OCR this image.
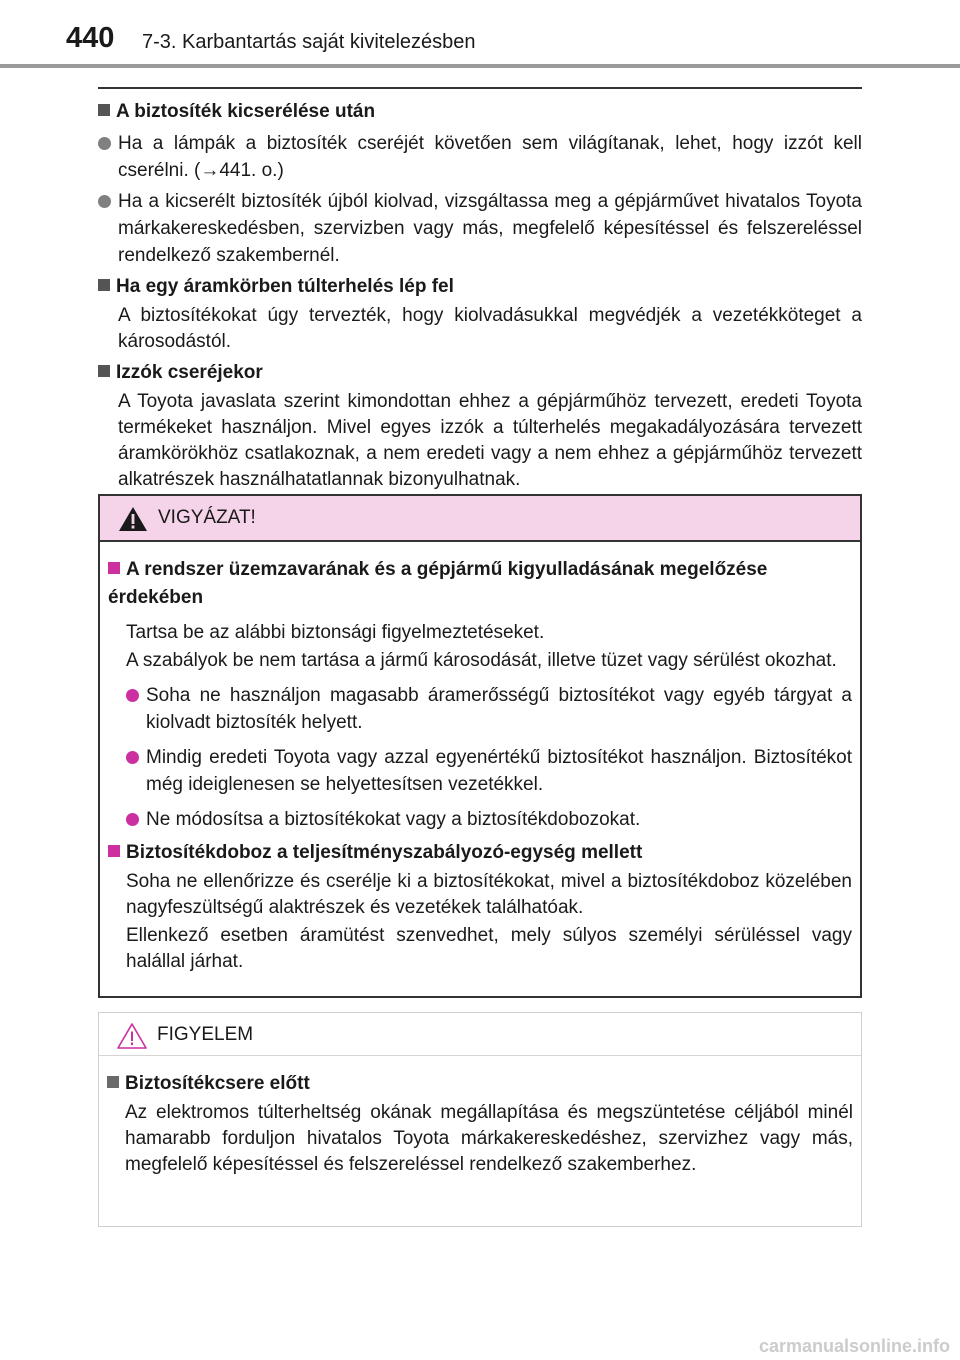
440 7-3. Karbantartás saját kivitelezésben
A biztosíték kicserélése után
Ha a lámpák a biztosíték cseréjét követően sem világítanak, lehet, hogy izzót kell cserélni. (→441. o.)
Ha a kicserélt biztosíték újból kiolvad, vizsgáltassa meg a gépjárművet hivatalos Toyota márkakereskedésben, szervizben vagy más, megfelelő képesítéssel és felszereléssel rendelkező szakembernél.
Ha egy áramkörben túlterhelés lép fel
A biztosítékokat úgy tervezték, hogy kiolvadásukkal megvédjék a vezetékköteget a károsodástól.
Izzók cseréjekor
A Toyota javaslata szerint kimondottan ehhez a gépjárműhöz tervezett, eredeti Toyota termékeket használjon. Mivel egyes izzók a túlterhelés megakadályozására tervezett áramkörökhöz csatlakoznak, a nem eredeti vagy a nem ehhez a gépjárműhöz tervezett alkatrészek használhatatlannak bizonyulhatnak.
VIGYÁZAT!
A rendszer üzemzavarának és a gépjármű kigyulladásának megelőzése érdekében
Tartsa be az alábbi biztonsági figyelmeztetéseket.
A szabályok be nem tartása a jármű károsodását, illetve tüzet vagy sérülést okozhat.
Soha ne használjon magasabb áramerősségű biztosítékot vagy egyéb tárgyat a kiolvadt biztosíték helyett.
Mindig eredeti Toyota vagy azzal egyenértékű biztosítékot használjon. Biztosítékot még ideiglenesen se helyettesítsen vezetékkel.
Ne módosítsa a biztosítékokat vagy a biztosítékdobozokat.
Biztosítékdoboz a teljesítményszabályozó-egység mellett
Soha ne ellenőrizze és cserélje ki a biztosítékokat, mivel a biztosítékdoboz közelében nagyfeszültségű alaktrészek és vezetékek találhatóak.
Ellenkező esetben áramütést szenvedhet, mely súlyos személyi sérüléssel vagy halállal járhat.
FIGYELEM
Biztosítékcsere előtt
Az elektromos túlterheltség okának megállapítása és megszüntetése céljából minél hamarabb forduljon hivatalos Toyota márkakereskedéshez, szervizhez vagy más, megfelelő képesítéssel és felszereléssel rendelkező szakemberhez.
carmanualsonline.info
